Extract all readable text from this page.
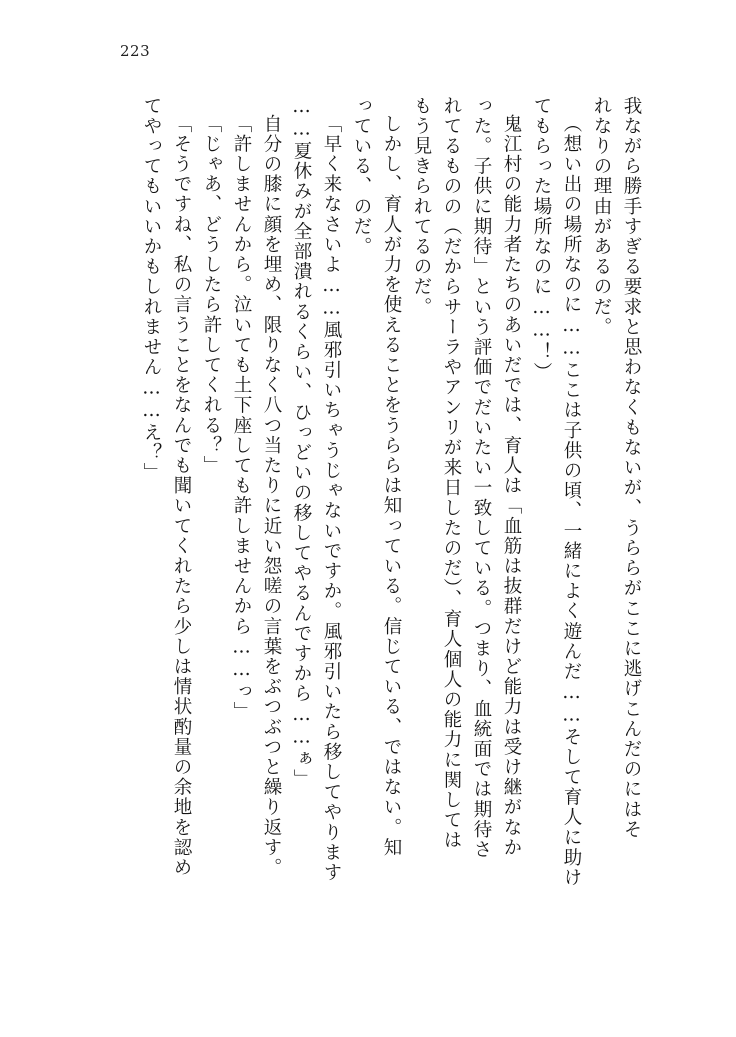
223
我ながら勝手すぎる要求と思わなくもないが、うららがここに逃げこんだのにはそ
れなりの理由があるのだ。
（想い出の場所なのに……ここは子供の頃、一緒によく遊んだ……そして育人に助け
てもらった場所なのに……！）
鬼江村の能力者たちのあいだでは、育人は「血筋は抜群だけど能力は受け継がなか
った。子供に期待」という評価でだいたい一致している。つまり、血統面では期待さ
れてるものの（だからサーラやアンリが来日したのだ）、育人個人の能力に関しては
もう見きられてるのだ。
しかし、育人が力を使えることをうららは知っている。信じている、ではない。知
っている、のだ。
「早く来なさいよ……風邪引いちゃうじゃないですか。風邪引いたら移してやります
……夏休みが全部潰れるくらい、ひっどいの移してやるんですから……ぁ」
自分の膝に顔を埋め、限りなく八つ当たりに近い怨嗟の言葉をぶつぶつと繰り返す。
「許しませんから。泣いても土下座しても許しませんから……っ」
「じゃあ、どうしたら許してくれる？」
「そうですね、私の言うことをなんでも聞いてくれたら少しは情状酌量の余地を認め
てやってもいいかもしれません……え？」
